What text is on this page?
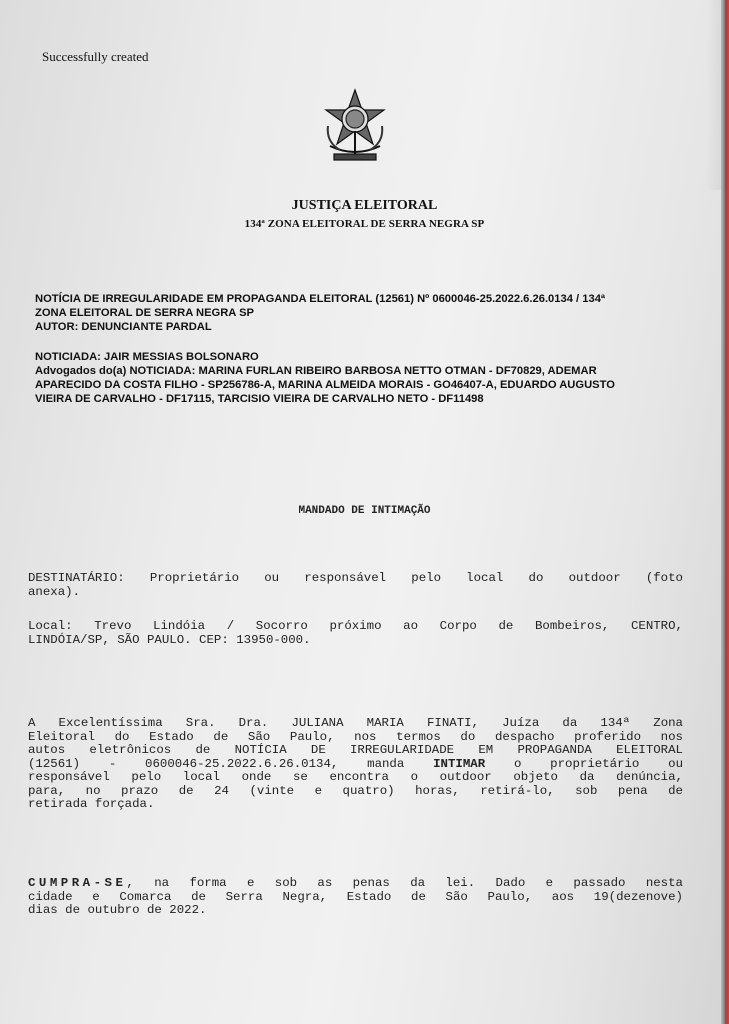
Successfully created
JUSTIÇA ELEITORAL
134ª ZONA ELEITORAL DE SERRA NEGRA SP
NOTÍCIA DE IRREGULARIDADE EM PROPAGANDA ELEITORAL (12561) Nº 0600046-25.2022.6.26.0134 / 134ª
ZONA ELEITORAL DE SERRA NEGRA SP
AUTOR: DENUNCIANTE PARDAL
NOTICIADA: JAIR MESSIAS BOLSONARO
Advogados do(a) NOTICIADA: MARINA FURLAN RIBEIRO BARBOSA NETTO OTMAN - DF70829, ADEMAR
APARECIDO DA COSTA FILHO - SP256786-A, MARINA ALMEIDA MORAIS - GO46407-A, EDUARDO AUGUSTO
VIEIRA DE CARVALHO - DF17115, TARCISIO VIEIRA DE CARVALHO NETO - DF11498
MANDADO DE INTIMAÇÃO
DESTINATÁRIO: Proprietário ou responsável pelo local do outdoor (foto
anexa).
Local: Trevo Lindóia / Socorro próximo ao Corpo de Bombeiros, CENTRO,
LINDÓIA/SP, SÃO PAULO. CEP: 13950-000.
A Excelentíssima Sra. Dra. JULIANA MARIA FINATI, Juíza da 134ª Zona
Eleitoral do Estado de São Paulo, nos termos do despacho proferido nos
autos eletrônicos de NOTÍCIA DE IRREGULARIDADE EM PROPAGANDA ELEITORAL
(12561) - 0600046-25.2022.6.26.0134, manda INTIMAR o proprietário ou
responsável pelo local onde se encontra o outdoor objeto da denúncia,
para, no prazo de 24 (vinte e quatro) horas, retirá-lo, sob pena de
retirada forçada.
CUMPRA-SE, na forma e sob as penas da lei. Dado e passado nesta
cidade e Comarca de Serra Negra, Estado de São Paulo, aos 19(dezenove)
dias de outubro de 2022.
